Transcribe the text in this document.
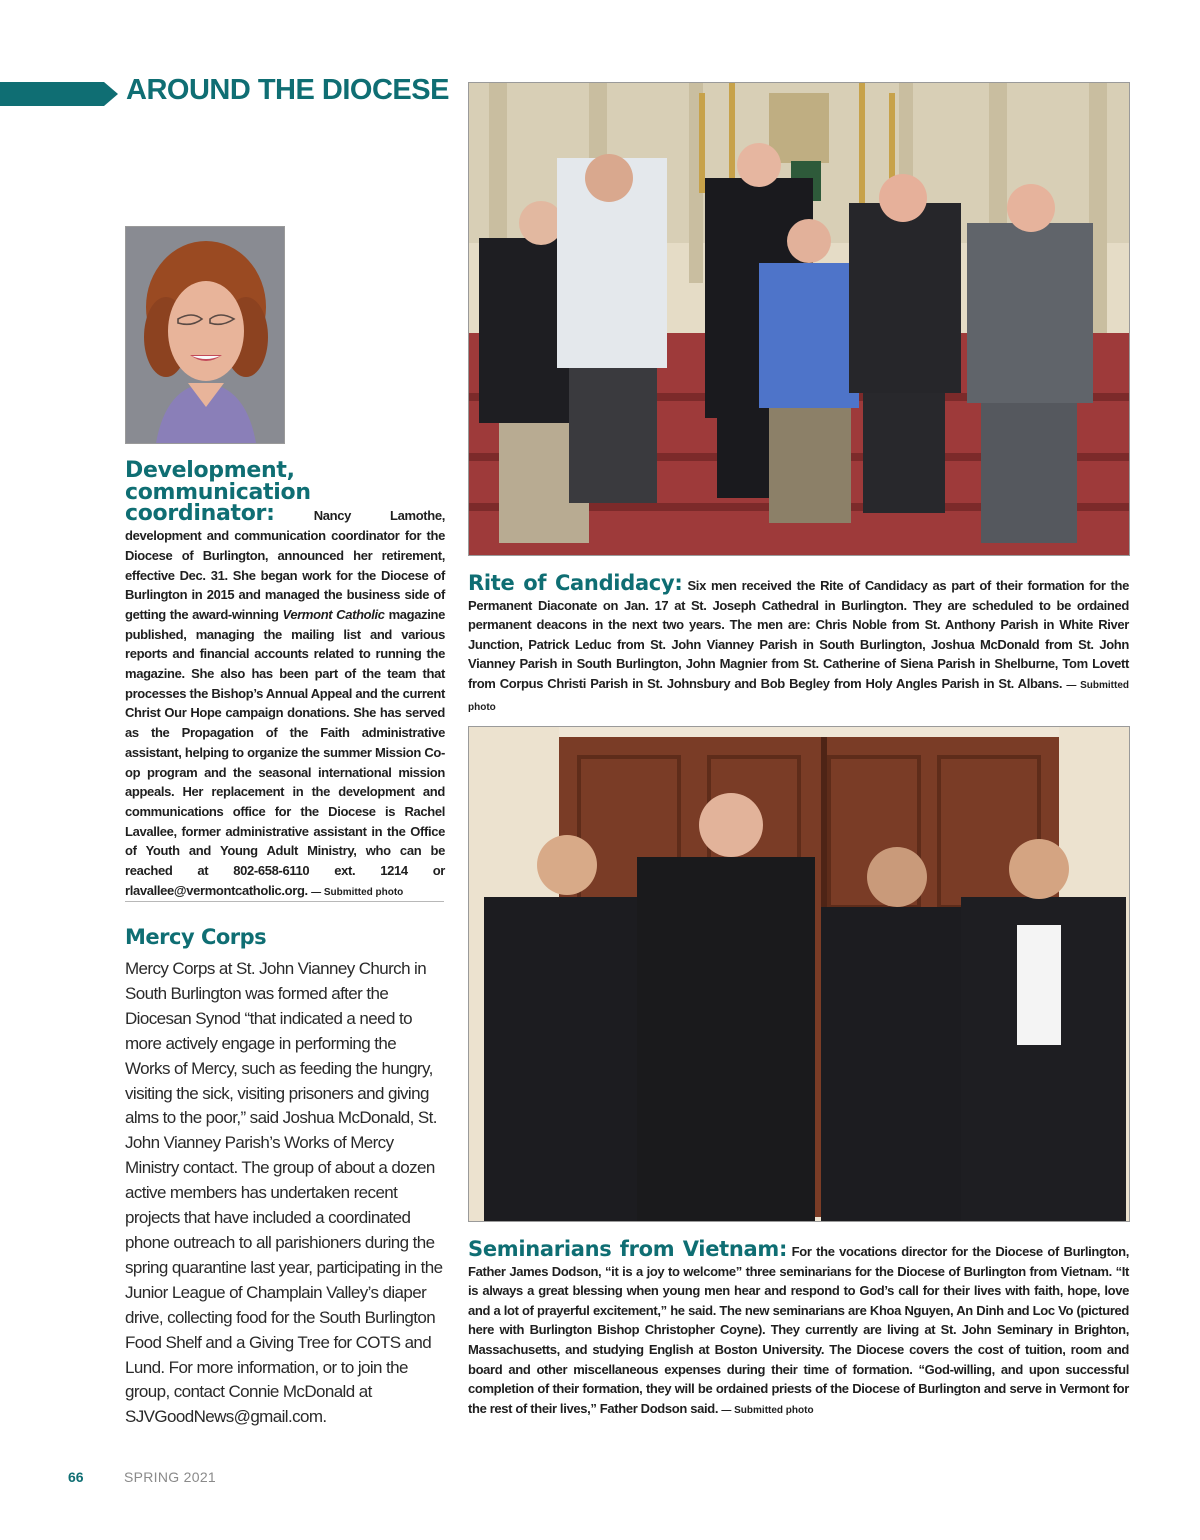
AROUND THE DIOCESE
Development, communication coordinator:	Nancy Lamothe, development and communication coordinator for the Diocese of Burlington, announced her retirement, effective Dec. 31. She began work for the Diocese of Burlington in 2015 and managed the business side of getting the award-winning Vermont Catholic magazine published, managing the mailing list and various reports and financial accounts related to running the magazine. She also has been part of the team that processes the Bishop’s Annual Appeal and the current Christ Our Hope campaign donations. She has served as the Propagation of the Faith administrative assistant, helping to organize the summer Mission Co-op program and the seasonal international mission appeals. Her replacement in the development and communications office for the Diocese is Rachel Lavallee, former administrative assistant in the Office of Youth and Young Adult Ministry, who can be reached at 802-658-6110 ext. 1214 or rlavallee@vermontcatholic.org. — Submitted photo
Rite of Candidacy: Six men received the Rite of Candidacy as part of their formation for the Permanent Diaconate on Jan. 17 at St. Joseph Cathedral in Burlington. They are scheduled to be ordained permanent deacons in the next two years. The men are: Chris Noble from St. Anthony Parish in White River Junction, Patrick Leduc from St. John Vianney Parish in South Burlington, Joshua McDonald from St. John Vianney Parish in South Burlington, John Magnier from St. Catherine of Siena Parish in Shelburne, Tom Lovett from Corpus Christi Parish in St. Johnsbury and Bob Begley from Holy Angles Parish in St. Albans. — Submitted photo
Seminarians from Vietnam: For the vocations director for the Diocese of Burlington, Father James Dodson, “it is a joy to welcome” three seminarians for the Diocese of Burlington from Vietnam. “It is always a great blessing when young men hear and respond to God’s call for their lives with faith, hope, love and a lot of prayerful excitement,” he said. The new seminarians are Khoa Nguyen, An Dinh and Loc Vo (pictured here with Burlington Bishop Christopher Coyne). They currently are living at St. John Seminary in Brighton, Massachusetts, and studying English at Boston University. The Diocese covers the cost of tuition, room and board and other miscellaneous expenses during their time of formation. “God-willing, and upon successful completion of their formation, they will be ordained priests of the Diocese of Burlington and serve in Vermont for the rest of their lives,” Father Dodson said. — Submitted photo
Mercy Corps
Mercy Corps at St. John Vianney Church in South Burlington was formed after the Diocesan Synod “that indicated a need to more actively engage in performing the Works of Mercy, such as feeding the hungry, visiting the sick, visiting prisoners and giving alms to the poor,” said Joshua McDonald, St. John Vianney Parish’s Works of Mercy Ministry contact. The group of about a dozen active members has undertaken recent projects that have included a coordinated phone outreach to all parishioners during the spring quarantine last year, participating in the Junior League of Champlain Valley’s diaper drive, collecting food for the South Burlington Food Shelf and a Giving Tree for COTS and Lund. For more information, or to join the group, contact Connie McDonald at SJVGoodNews@gmail.com.
66	SPRING 2021
